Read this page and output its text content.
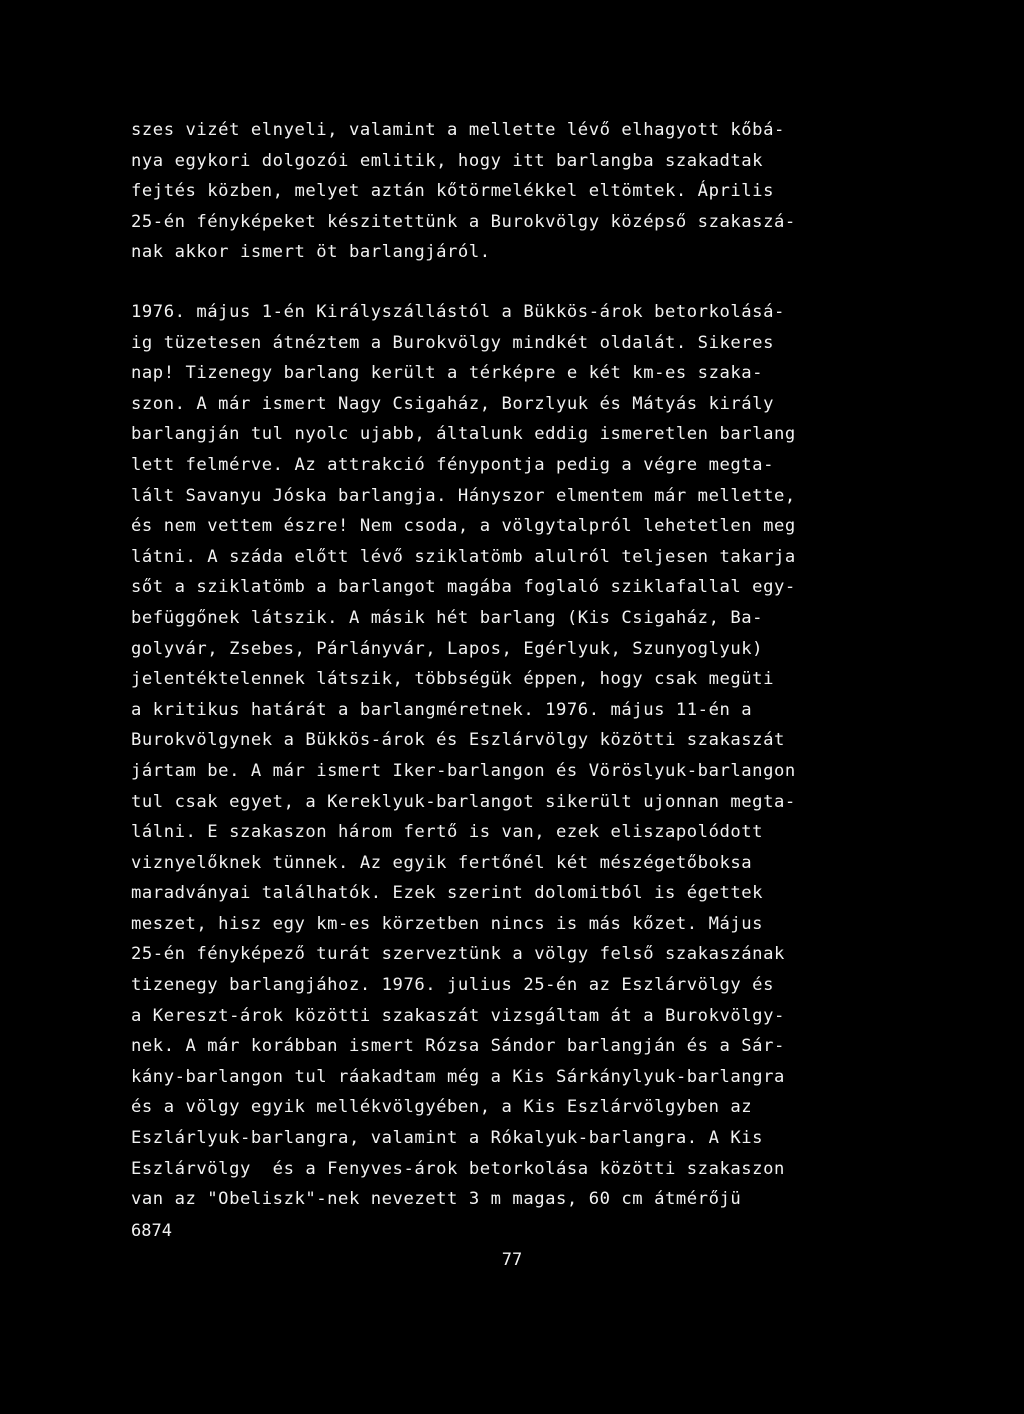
szes vizét elnyeli, valamint a mellette lévő elhagyott kőbá-
nya egykori dolgozói emlitik, hogy itt barlangba szakadtak
fejtés közben, melyet aztán kőtörmelékkel eltömtek. Április
25-én fényképeket készitettünk a Burokvölgy középső szakaszá-
nak akkor ismert öt barlangjáról.
1976. május 1-én Királyszállástól a Bükkös-árok betorkolásá-
ig tüzetesen átnéztem a Burokvölgy mindkét oldalát. Sikeres
nap! Tizenegy barlang került a térképre e két km-es szaka-
szon. A már ismert Nagy Csigaház, Borzlyuk és Mátyás király
barlangján tul nyolc ujabb, általunk eddig ismeretlen barlang
lett felmérve. Az attrakció fénypontja pedig a végre megta-
lált Savanyu Jóska barlangja. Hányszor elmentem már mellette,
és nem vettem észre! Nem csoda, a völgytalpról lehetetlen meg
látni. A száda előtt lévő sziklatömb alulról teljesen takarja
sőt a sziklatömb a barlangot magába foglaló sziklafallal egy-
befüggőnek látszik. A másik hét barlang (Kis Csigaház, Ba-
golyvár, Zsebes, Párlányvár, Lapos, Egérlyuk, Szunyoglyuk)
jelentéktelennek látszik, többségük éppen, hogy csak megüti
a kritikus határát a barlangméretnek. 1976. május 11-én a
Burokvölgynek a Bükkös-árok és Eszlárvölgy közötti szakaszát
jártam be. A már ismert Iker-barlangon és Vöröslyuk-barlangon
tul csak egyet, a Kereklyuk-barlangot sikerült ujonnan megta-
lálni. E szakaszon három fertő is van, ezek eliszapolódott
viznyelőknek tünnek. Az egyik fertőnél két mészégetőboksa
maradványai találhatók. Ezek szerint dolomitból is égettek
meszet, hisz egy km-es körzetben nincs is más kőzet. Május
25-én fényképező turát szerveztünk a völgy felső szakaszának
tizenegy barlangjához. 1976. julius 25-én az Eszlárvölgy és
a Kereszt-árok közötti szakaszát vizsgáltam át a Burokvölgy-
nek. A már korábban ismert Rózsa Sándor barlangján és a Sár-
kány-barlangon tul ráakadtam még a Kis Sárkánylyuk-barlangra
és a völgy egyik mellékvölgyében, a Kis Eszlárvölgyben az
Eszlárlyuk-barlangra, valamint a Rókalyuk-barlangra. A Kis
Eszlárvölgy  és a Fenyves-árok betorkolása közötti szakaszon
van az "Obeliszk"-nek nevezett 3 m magas, 60 cm átmérőjü
6874
77
